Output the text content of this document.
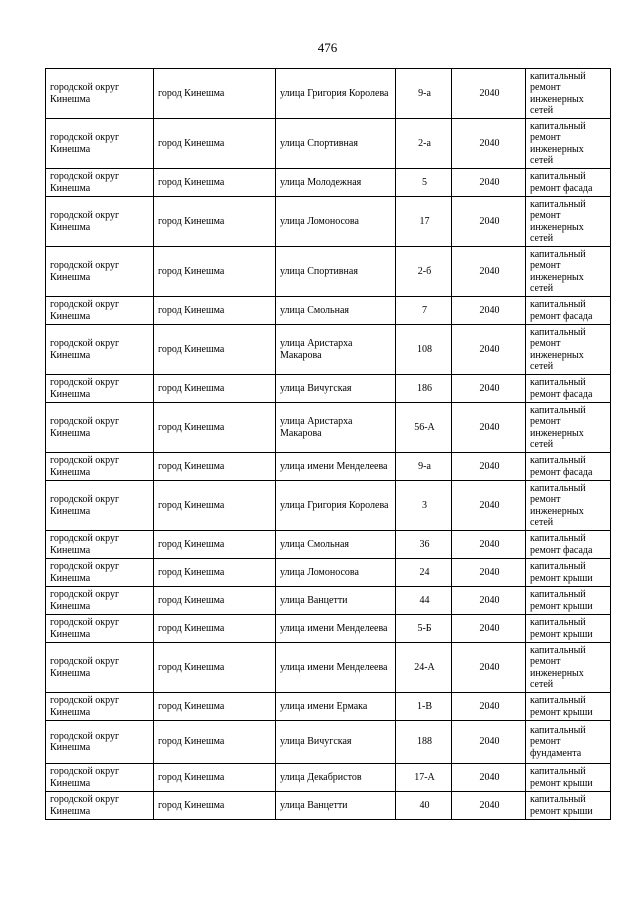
476
городской округ Кинешма	город Кинешма	улица Григория Королева	9-а	2040	капитальный ремонт инженерных сетей
городской округ Кинешма	город Кинешма	улица Спортивная	2-а	2040	капитальный ремонт инженерных сетей
городской округ Кинешма	город Кинешма	улица Молодежная	5	2040	капитальный ремонт фасада
городской округ Кинешма	город Кинешма	улица Ломоносова	17	2040	капитальный ремонт инженерных сетей
городской округ Кинешма	город Кинешма	улица Спортивная	2-б	2040	капитальный ремонт инженерных сетей
городской округ Кинешма	город Кинешма	улица Смольная	7	2040	капитальный ремонт фасада
городской округ Кинешма	город Кинешма	улица Аристарха Макарова	108	2040	капитальный ремонт инженерных сетей
городской округ Кинешма	город Кинешма	улица Вичугская	186	2040	капитальный ремонт фасада
городской округ Кинешма	город Кинешма	улица Аристарха Макарова	56-А	2040	капитальный ремонт инженерных сетей
городской округ Кинешма	город Кинешма	улица имени Менделеева	9-а	2040	капитальный ремонт фасада
городской округ Кинешма	город Кинешма	улица Григория Королева	3	2040	капитальный ремонт инженерных сетей
городской округ Кинешма	город Кинешма	улица Смольная	36	2040	капитальный ремонт фасада
городской округ Кинешма	город Кинешма	улица Ломоносова	24	2040	капитальный ремонт крыши
городской округ Кинешма	город Кинешма	улица Ванцетти	44	2040	капитальный ремонт крыши
городской округ Кинешма	город Кинешма	улица имени Менделеева	5-Б	2040	капитальный ремонт крыши
городской округ Кинешма	город Кинешма	улица имени Менделеева	24-А	2040	капитальный ремонт инженерных сетей
городской округ Кинешма	город Кинешма	улица имени Ермака	1-В	2040	капитальный ремонт крыши
городской округ Кинешма	город Кинешма	улица Вичугская	188	2040	капитальный ремонт фундамента
городской округ Кинешма	город Кинешма	улица Декабристов	17-А	2040	капитальный ремонт крыши
городской округ Кинешма	город Кинешма	улица Ванцетти	40	2040	капитальный ремонт крыши
